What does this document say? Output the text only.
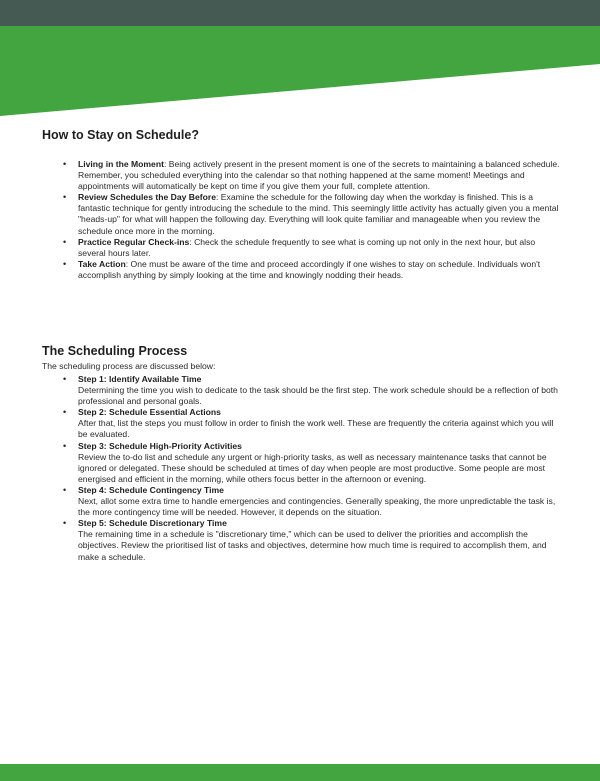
How to Stay on Schedule?
• Living in the Moment: Being actively present in the present moment is one of the secrets to maintaining a balanced schedule. Remember, you scheduled everything into the calendar so that nothing happened at the same moment! Meetings and appointments will automatically be kept on time if you give them your full, complete attention.
• Review Schedules the Day Before: Examine the schedule for the following day when the workday is finished. This is a fantastic technique for gently introducing the schedule to the mind. This seemingly little activity has actually given you a mental "heads-up" for what will happen the following day. Everything will look quite familiar and manageable when you review the schedule once more in the morning.
• Practice Regular Check-ins: Check the schedule frequently to see what is coming up not only in the next hour, but also several hours later.
• Take Action: One must be aware of the time and proceed accordingly if one wishes to stay on schedule. Individuals won't accomplish anything by simply looking at the time and knowingly nodding their heads.
The Scheduling Process
The scheduling process are discussed below:
• Step 1: Identify Available Time
Determining the time you wish to dedicate to the task should be the first step. The work schedule should be a reflection of both professional and personal goals.
• Step 2: Schedule Essential Actions
After that, list the steps you must follow in order to finish the work well. These are frequently the criteria against which you will be evaluated.
• Step 3: Schedule High-Priority Activities
Review the to-do list and schedule any urgent or high-priority tasks, as well as necessary maintenance tasks that cannot be ignored or delegated. These should be scheduled at times of day when people are most productive. Some people are most energised and efficient in the morning, while others focus better in the afternoon or evening.
• Step 4: Schedule Contingency Time
Next, allot some extra time to handle emergencies and contingencies. Generally speaking, the more unpredictable the task is, the more contingency time will be needed. However, it depends on the situation.
• Step 5: Schedule Discretionary Time
The remaining time in a schedule is "discretionary time," which can be used to deliver the priorities and accomplish the objectives. Review the prioritised list of tasks and objectives, determine how much time is required to accomplish them, and make a schedule.
